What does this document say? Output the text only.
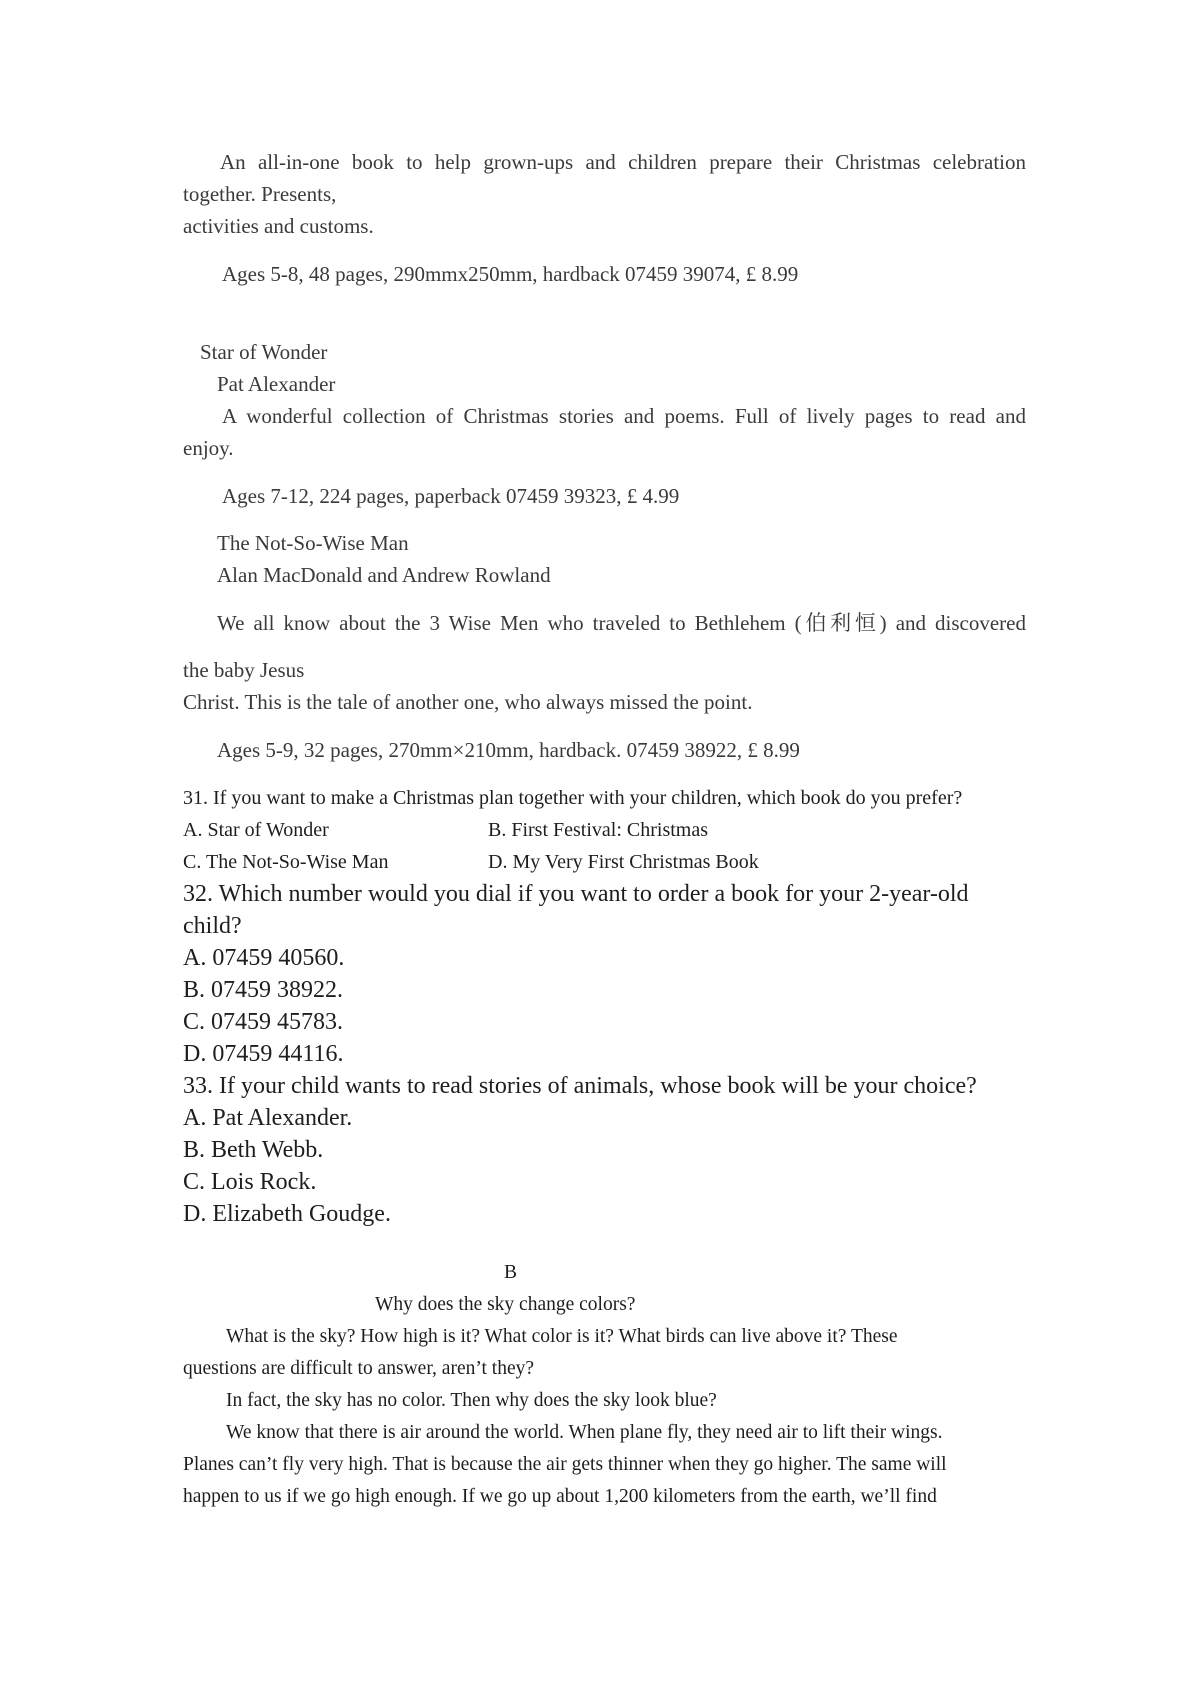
An all-in-one book to help grown-ups and children prepare their Christmas celebration
together. Presents,
activities and customs.
Ages 5-8, 48 pages, 290mmx250mm, hardback 07459 39074, £ 8.99
Star of Wonder
Pat Alexander
A wonderful collection of Christmas stories and poems. Full of lively pages to read and
enjoy.
Ages 7-12, 224 pages, paperback 07459 39323, £ 4.99
The Not-So-Wise Man
Alan MacDonald and Andrew Rowland
We all know about the 3 Wise Men who traveled to Bethlehem (伯利恒) and discovered
the baby Jesus
Christ. This is the tale of another one, who always missed the point.
Ages 5-9, 32 pages, 270mm×210mm, hardback. 07459 38922, £ 8.99
31. If you want to make a Christmas plan together with your children, which book do you prefer?
A. Star of Wonder	B. First Festival: Christmas
C. The Not-So-Wise Man	D. My Very First Christmas Book
32. Which number would you dial if you want to order a book for your 2-year-old
child?
A. 07459 40560.
B. 07459 38922.
C. 07459 45783.
D. 07459 44116.
33. If your child wants to read stories of animals, whose book will be your choice?
A. Pat Alexander.
B. Beth Webb.
C. Lois Rock.
D. Elizabeth Goudge.
B
Why does the sky change colors?
What is the sky? How high is it? What color is it? What birds can live above it? These
questions are difficult to answer, aren’t they?
In fact, the sky has no color. Then why does the sky look blue?
We know that there is air around the world. When plane fly, they need air to lift their wings.
Planes can’t fly very high. That is because the air gets thinner when they go higher. The same will
happen to us if we go high enough. If we go up about 1,200 kilometers from the earth, we’ll find
